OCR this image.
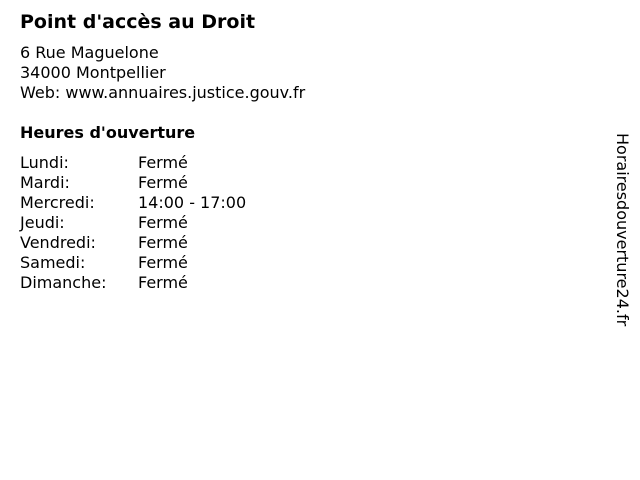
Point d'accès au Droit
6 Rue Maguelone
34000 Montpellier
Web: www.annuaires.justice.gouv.fr
Heures d'ouverture
Lundi:	Fermé
Mardi:	Fermé
Mercredi:	14:00 - 17:00
Jeudi:	Fermé
Vendredi:	Fermé
Samedi:	Fermé
Dimanche:	Fermé	Horairesdouverture24.fr
